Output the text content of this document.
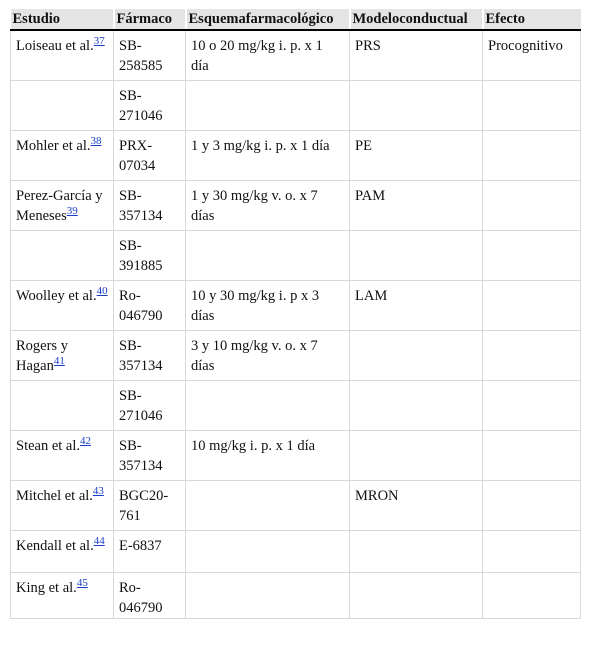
Estudio	Fármaco	Esquemafarmacológico	Modeloconductual	Efecto
Loiseau et al.$^{37}$	SB-258585	10 o 20 mg/kg i. p. x 1 día	PRS	Procognitivo
	SB-271046			
Mohler et al.$^{38}$	PRX-07034	1 y 3 mg/kg i. p. x 1 día	PE	
Perez-García y Meneses$^{39}$	SB-357134	1 y 30 mg/kg v. o. x 7 días	PAM	
	SB-391885			
Woolley et al.$^{40}$	Ro-046790	10 y 30 mg/kg i. p x 3 días	LAM	
Rogers y Hagan$^{41}$	SB-357134	3 y 10 mg/kg v. o. x 7 días		
	SB-271046			
Stean et al.$^{42}$	SB-357134	10 mg/kg i. p. x 1 día		
Mitchel et al.$^{43}$	BGC20-761		MRON	
Kendall et al.$^{44}$	E-6837			
King et al.$^{45}$	Ro-046790			
